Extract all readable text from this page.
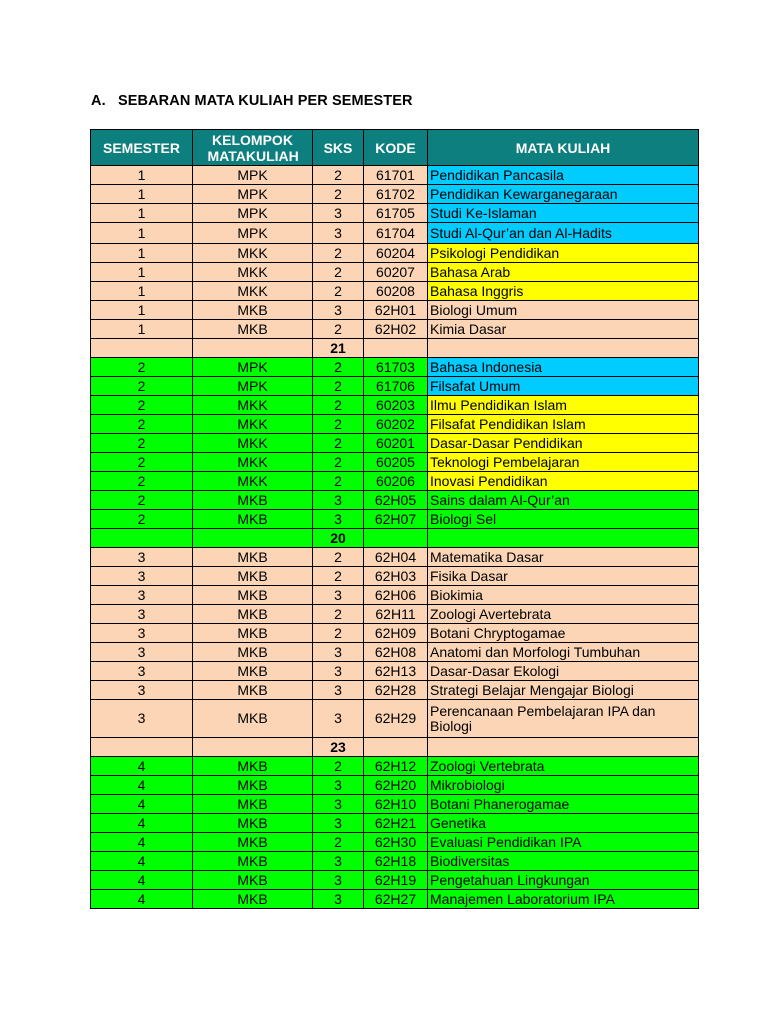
A. SEBARAN MATA KULIAH PER SEMESTER
SEMESTER	KELOMPOK MATAKULIAH	SKS	KODE	MATA KULIAH
1	MPK	2	61701	Pendidikan Pancasila
1	MPK	2	61702	Pendidikan Kewarganegaraan
1	MPK	3	61705	Studi Ke-Islaman
1	MPK	3	61704	Studi Al-Qur’an dan Al-Hadits
1	MKK	2	60204	Psikologi Pendidikan
1	MKK	2	60207	Bahasa Arab
1	MKK	2	60208	Bahasa Inggris
1	MKB	3	62H01	Biologi Umum
1	MKB	2	62H02	Kimia Dasar
		21		
2	MPK	2	61703	Bahasa Indonesia
2	MPK	2	61706	Filsafat Umum
2	MKK	2	60203	Ilmu Pendidikan Islam
2	MKK	2	60202	Filsafat Pendidikan Islam
2	MKK	2	60201	Dasar-Dasar Pendidikan
2	MKK	2	60205	Teknologi Pembelajaran
2	MKK	2	60206	Inovasi Pendidikan
2	MKB	3	62H05	Sains dalam Al-Qur’an
2	MKB	3	62H07	Biologi Sel
		20		
3	MKB	2	62H04	Matematika Dasar
3	MKB	2	62H03	Fisika Dasar
3	MKB	3	62H06	Biokimia
3	MKB	2	62H11	Zoologi Avertebrata
3	MKB	2	62H09	Botani Chryptogamae
3	MKB	3	62H08	Anatomi dan Morfologi Tumbuhan
3	MKB	3	62H13	Dasar-Dasar Ekologi
3	MKB	3	62H28	Strategi Belajar Mengajar Biologi
3	MKB	3	62H29	Perencanaan Pembelajaran IPA dan Biologi
		23		
4	MKB	2	62H12	Zoologi Vertebrata
4	MKB	3	62H20	Mikrobiologi
4	MKB	3	62H10	Botani Phanerogamae
4	MKB	3	62H21	Genetika
4	MKB	2	62H30	Evaluasi Pendidikan IPA
4	MKB	3	62H18	Biodiversitas
4	MKB	3	62H19	Pengetahuan Lingkungan
4	MKB	3	62H27	Manajemen Laboratorium IPA
